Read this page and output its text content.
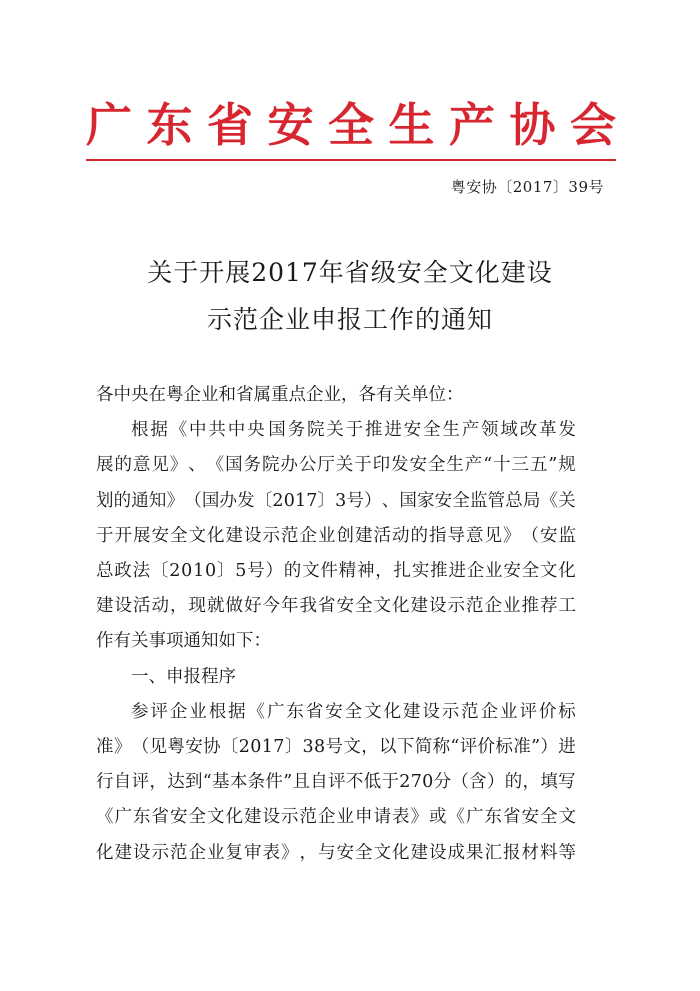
广 东 省 安 全 生 产 协 会
粤安协〔2017〕39号
关于开展2017年省级安全文化建设
示范企业申报工作的通知
各中央在粤企业和省属重点企业，各有关单位：
根 据 《 中 共 中 央 国 务 院 关 于 推 进 安 全 生 产 领 域 改 革 发
展 的 意 见 》 、 《 国 务 院 办 公 厅 关 于 印 发 安 全 生 产 “ 十 三 五 ” 规
划 的 通 知 》 （ 国 办 发 〔 2 0 1 7 〕 3 号 ） 、 国 家 安 全 监 管 总 局 《 关
于 开 展 安 全 文 化 建 设 示 范 企 业 创 建 活 动 的 指 导 意 见 》 （ 安 监
总 政 法 〔 2 0 1 0 〕 5 号 ） 的 文 件 精 神 ， 扎 实 推 进 企 业 安 全 文 化
建 设 活 动 ， 现 就 做 好 今 年 我 省 安 全 文 化 建 设 示 范 企 业 推 荐 工
作有关事项通知如下：
一、申报程序
参 评 企 业 根 据 《 广 东 省 安 全 文 化 建 设 示 范 企 业 评 价 标
准 》 （ 见 粤 安 协 〔 2 0 1 7 〕 3 8 号 文 ， 以 下 简 称 “ 评 价 标 准 ” ） 进
行 自 评 ， 达 到 “ 基 本 条 件 ” 且 自 评 不 低 于 2 7 0 分 （ 含 ） 的 ， 填 写
《 广 东 省 安 全 文 化 建 设 示 范 企 业 申 请 表 》 或 《 广 东 省 安 全 文
化 建 设 示 范 企 业 复 审 表 》 ， 与 安 全 文 化 建 设 成 果 汇 报 材 料 等
